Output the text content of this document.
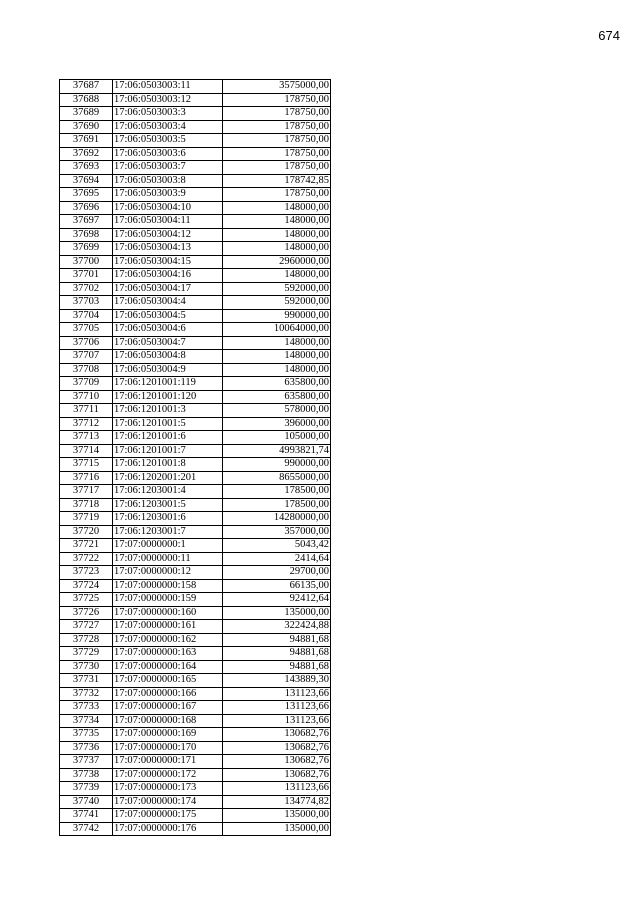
674
37687	17:06:0503003:11	3575000,00
37688	17:06:0503003:12	178750,00
37689	17:06:0503003:3	178750,00
37690	17:06:0503003:4	178750,00
37691	17:06:0503003:5	178750,00
37692	17:06:0503003:6	178750,00
37693	17:06:0503003:7	178750,00
37694	17:06:0503003:8	178742,85
37695	17:06:0503003:9	178750,00
37696	17:06:0503004:10	148000,00
37697	17:06:0503004:11	148000,00
37698	17:06:0503004:12	148000,00
37699	17:06:0503004:13	148000,00
37700	17:06:0503004:15	2960000,00
37701	17:06:0503004:16	148000,00
37702	17:06:0503004:17	592000,00
37703	17:06:0503004:4	592000,00
37704	17:06:0503004:5	990000,00
37705	17:06:0503004:6	10064000,00
37706	17:06:0503004:7	148000,00
37707	17:06:0503004:8	148000,00
37708	17:06:0503004:9	148000,00
37709	17:06:1201001:119	635800,00
37710	17:06:1201001:120	635800,00
37711	17:06:1201001:3	578000,00
37712	17:06:1201001:5	396000,00
37713	17:06:1201001:6	105000,00
37714	17:06:1201001:7	4993821,74
37715	17:06:1201001:8	990000,00
37716	17:06:1202001:201	8655000,00
37717	17:06:1203001:4	178500,00
37718	17:06:1203001:5	178500,00
37719	17:06:1203001:6	14280000,00
37720	17:06:1203001:7	357000,00
37721	17:07:0000000:1	5043,42
37722	17:07:0000000:11	2414,64
37723	17:07:0000000:12	29700,00
37724	17:07:0000000:158	66135,00
37725	17:07:0000000:159	92412,64
37726	17:07:0000000:160	135000,00
37727	17:07:0000000:161	322424,88
37728	17:07:0000000:162	94881,68
37729	17:07:0000000:163	94881,68
37730	17:07:0000000:164	94881,68
37731	17:07:0000000:165	143889,30
37732	17:07:0000000:166	131123,66
37733	17:07:0000000:167	131123,66
37734	17:07:0000000:168	131123,66
37735	17:07:0000000:169	130682,76
37736	17:07:0000000:170	130682,76
37737	17:07:0000000:171	130682,76
37738	17:07:0000000:172	130682,76
37739	17:07:0000000:173	131123,66
37740	17:07:0000000:174	134774,82
37741	17:07:0000000:175	135000,00
37742	17:07:0000000:176	135000,00
